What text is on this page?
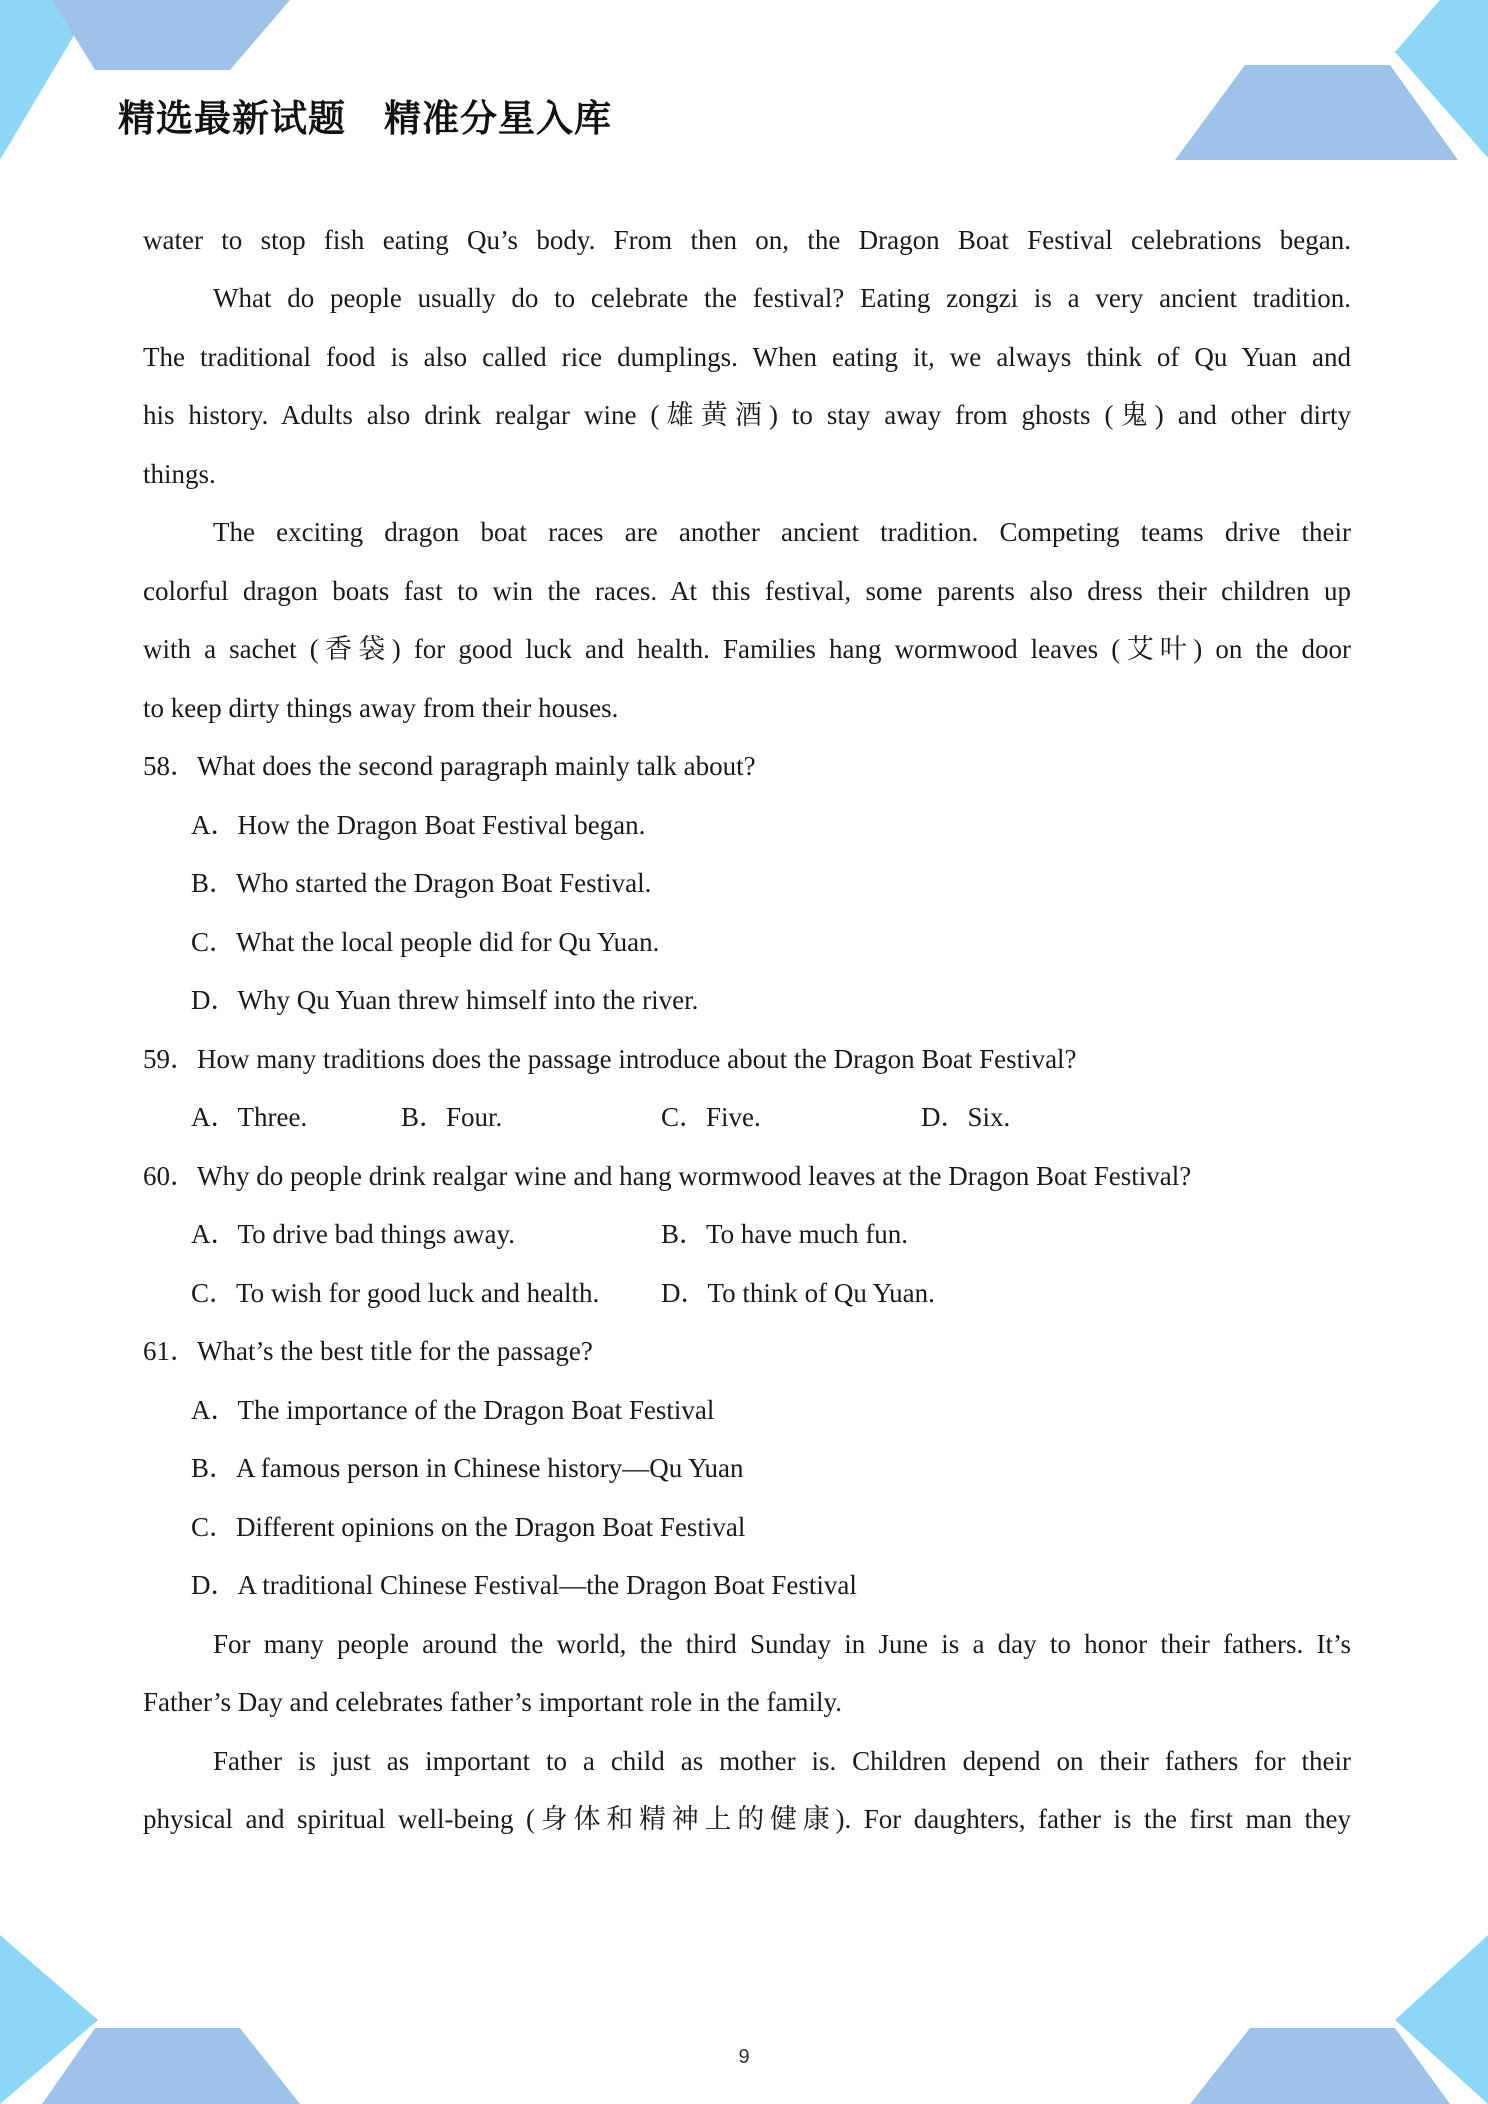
精选最新试题　精准分星入库
water to stop fish eating Qu’s body. From then on, the Dragon Boat Festival celebrations began.
What do people usually do to celebrate the festival? Eating zongzi is a very ancient tradition.
The traditional food is also called rice dumplings. When eating it, we always think of Qu Yuan and
his history. Adults also drink realgar wine (雄黄酒) to stay away from ghosts (鬼) and other dirty
things.
The exciting dragon boat races are another ancient tradition. Competing teams drive their
colorful dragon boats fast to win the races. At this festival, some parents also dress their children up
with a sachet (香袋) for good luck and health. Families hang wormwood leaves (艾叶) on the door
to keep dirty things away from their houses.
58．What does the second paragraph mainly talk about?
A．How the Dragon Boat Festival began.
B．Who started the Dragon Boat Festival.
C．What the local people did for Qu Yuan.
D．Why Qu Yuan threw himself into the river.
59．How many traditions does the passage introduce about the Dragon Boat Festival?
A．Three.	B．Four.	C．Five.	D．Six.
60．Why do people drink realgar wine and hang wormwood leaves at the Dragon Boat Festival?
A．To drive bad things away.	B．To have much fun.
C．To wish for good luck and health. D．To think of Qu Yuan.
61．What’s the best title for the passage?
A．The importance of the Dragon Boat Festival
B．A famous person in Chinese history—Qu Yuan
C．Different opinions on the Dragon Boat Festival
D．A traditional Chinese Festival—the Dragon Boat Festival
For many people around the world, the third Sunday in June is a day to honor their fathers. It’s
Father’s Day and celebrates father’s important role in the family.
Father is just as important to a child as mother is. Children depend on their fathers for their
physical and spiritual well-being (身体和精神上的健康). For daughters, father is the first man they
9
